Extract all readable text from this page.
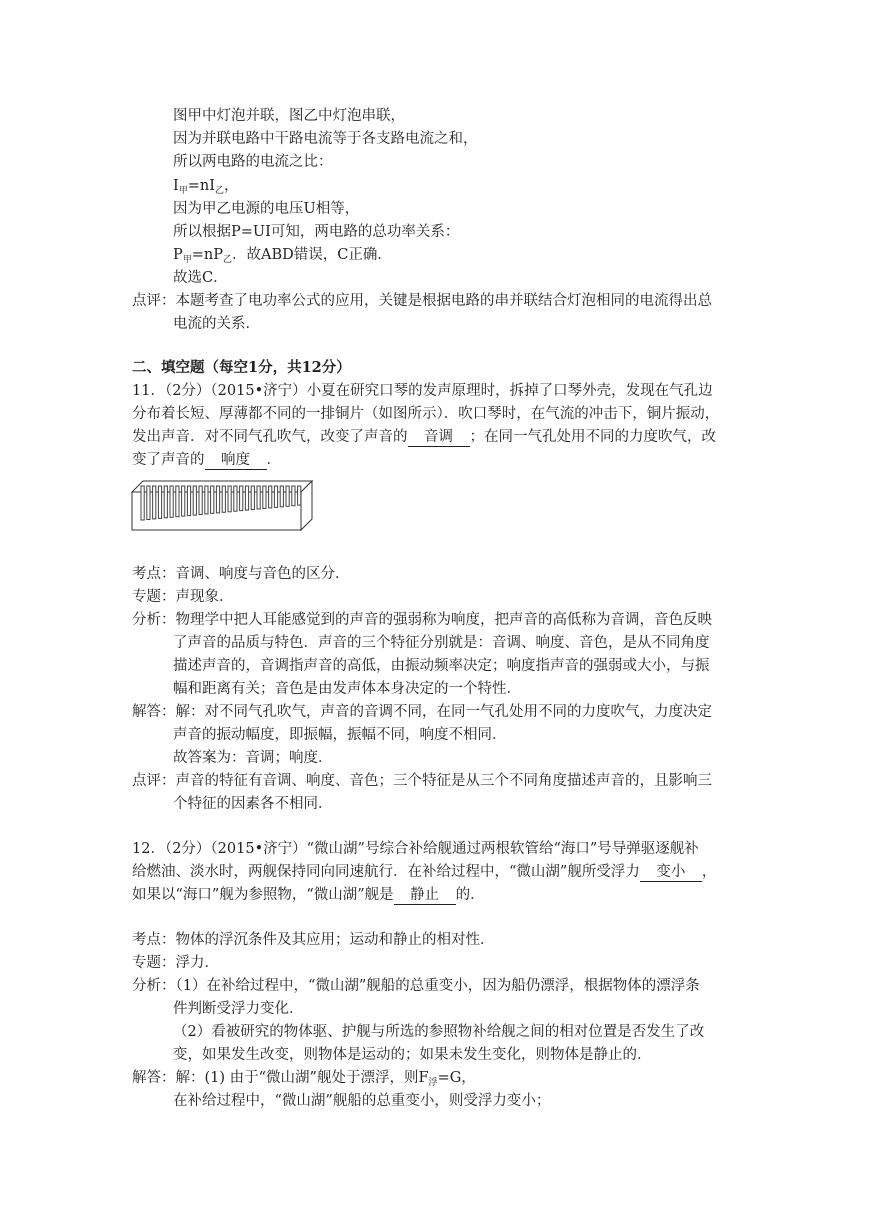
图甲中灯泡并联，图乙中灯泡串联，
因为并联电路中干路电流等于各支路电流之和，
所以两电路的电流之比：
$I_甲=nI_乙$，
因为甲乙电源的电压U相等，
所以根据P=UI可知，两电路的总功率关系：
$P_甲=nP_乙$．故ABD错误，C正确．
故选C．
点评：本题考查了电功率公式的应用，关键是根据电路的串并联结合灯泡相同的电流得出总
电流的关系．
二、填空题（每空1分，共12分）
11．（2分）（2015•济宁）小夏在研究口琴的发声原理时，拆掉了口琴外壳，发现在气孔边
分布着长短、厚薄都不同的一排铜片（如图所示）．吹口琴时，在气流的冲击下，铜片振动，
发出声音．对不同气孔吹气，改变了声音的 音调 ；在同一气孔处用不同的力度吹气，改
变了声音的 响度 ．
考点：音调、响度与音色的区分．
专题：声现象．
分析：物理学中把人耳能感觉到的声音的强弱称为响度，把声音的高低称为音调，音色反映
了声音的品质与特色．声音的三个特征分别就是：音调、响度、音色，是从不同角度
描述声音的，音调指声音的高低，由振动频率决定；响度指声音的强弱或大小，与振
幅和距离有关；音色是由发声体本身决定的一个特性．
解答：解：对不同气孔吹气，声音的音调不同，在同一气孔处用不同的力度吹气，力度决定
声音的振动幅度，即振幅，振幅不同，响度不相同．
故答案为：音调；响度．
点评：声音的特征有音调、响度、音色；三个特征是从三个不同角度描述声音的，且影响三
个特征的因素各不相同．
12．（2分）（2015•济宁）“微山湖”号综合补给舰通过两根软管给“海口”号导弹驱逐舰补
给燃油、淡水时，两舰保持同向同速航行．在补给过程中，“微山湖”舰所受浮力 变小 ，
如果以“海口”舰为参照物，“微山湖”舰是 静止 的．
考点：物体的浮沉条件及其应用；运动和静止的相对性．
专题：浮力．
分析：（1）在补给过程中，“微山湖”舰船的总重变小，因为船仍漂浮，根据物体的漂浮条
件判断受浮力变化．
（2）看被研究的物体驱、护舰与所选的参照物补给舰之间的相对位置是否发生了改
变，如果发生改变，则物体是运动的；如果未发生变化，则物体是静止的．
解答：解：(1) 由于“微山湖”舰处于漂浮，则$F_浮=G$，
在补给过程中，“微山湖”舰船的总重变小，则受浮力变小；
